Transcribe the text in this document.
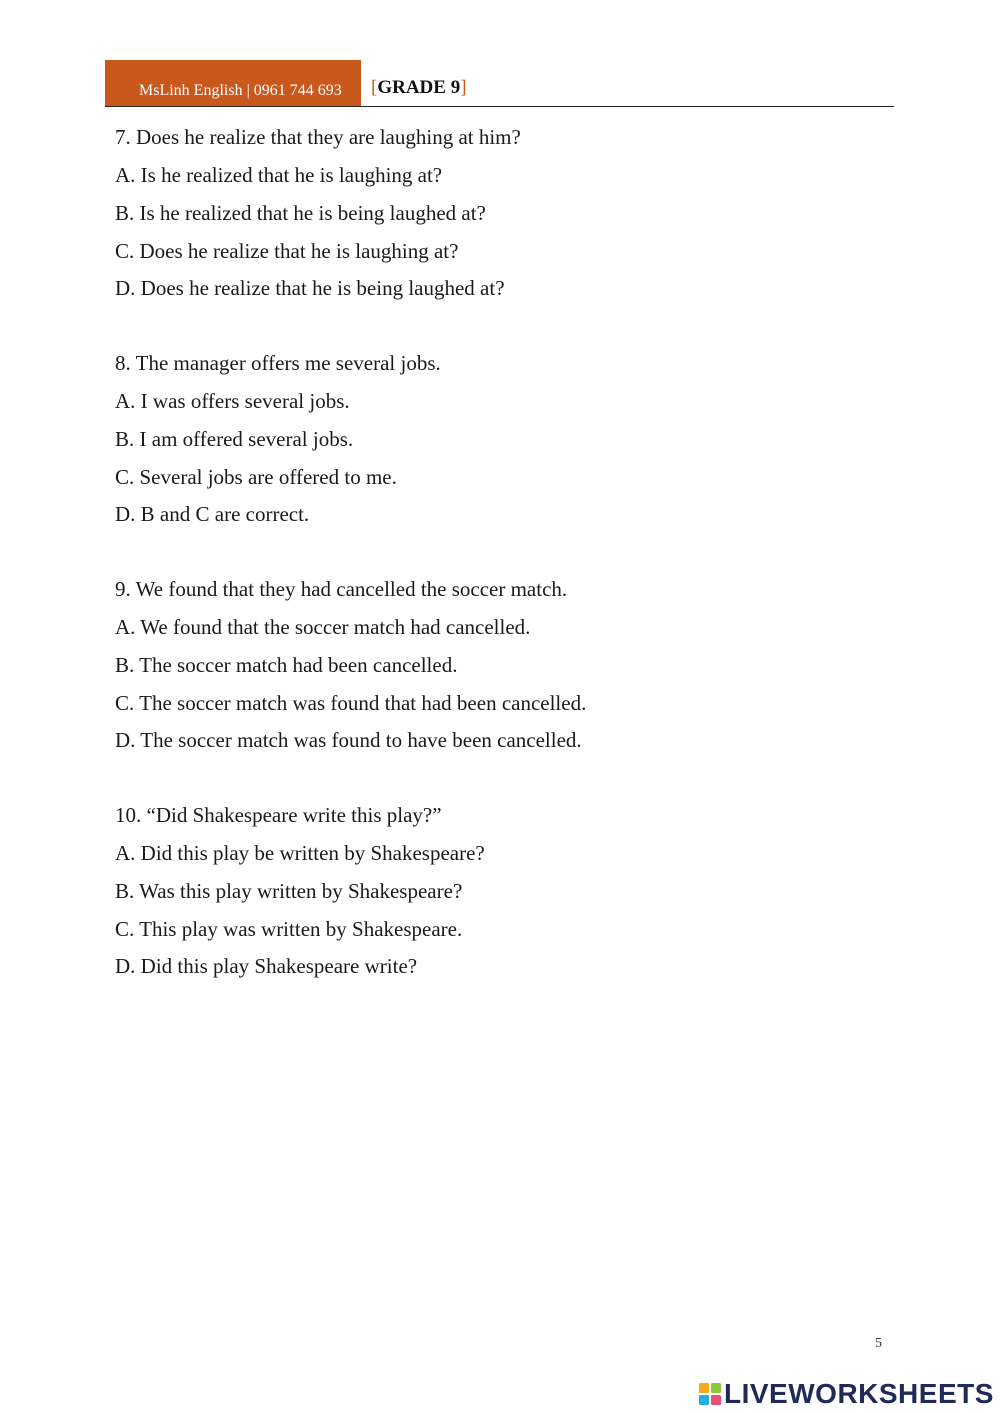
MsLinh English | 0961 744 693	[GRADE 9]
7. Does he realize that they are laughing at him?
A. Is he realized that he is laughing at?
B. Is he realized that he is being laughed at?
C. Does he realize that he is laughing at?
D. Does he realize that he is being laughed at?
8. The manager offers me several jobs.
A. I was offers several jobs.
B. I am offered several jobs.
C. Several jobs are offered to me.
D. B and C are correct.
9. We found that they had cancelled the soccer match.
A. We found that the soccer match had cancelled.
B. The soccer match had been cancelled.
C. The soccer match was found that had been cancelled.
D. The soccer match was found to have been cancelled.
10. “Did Shakespeare write this play?”
A. Did this play be written by Shakespeare?
B. Was this play written by Shakespeare?
C. This play was written by Shakespeare.
D. Did this play Shakespeare write?
5
LIVEWORKSHEETS
